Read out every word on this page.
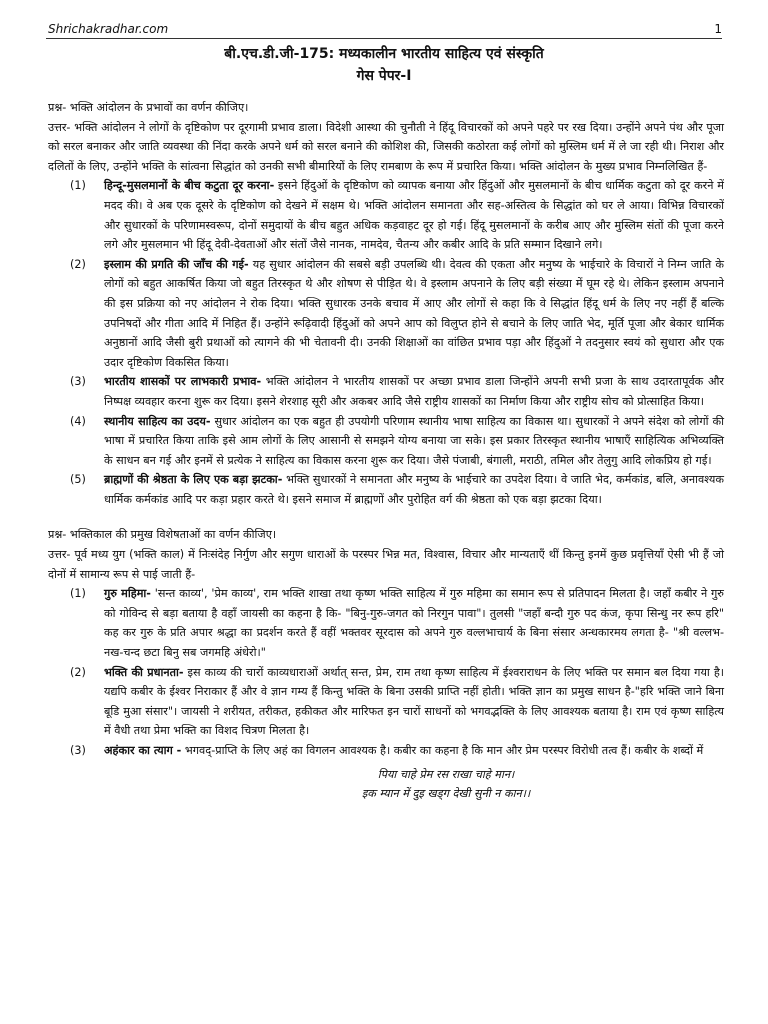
Shrichakradhar.com	1
बी.एच.डी.जी-175: मध्यकालीन भारतीय साहित्य एवं संस्कृति
गेस पेपर-I

प्रश्न- भक्ति आंदोलन के प्रभावों का वर्णन कीजिए।

उत्तर- भक्ति आंदोलन ने लोगों के दृष्टिकोण पर दूरगामी प्रभाव डाला। विदेशी आस्था की चुनौती ने हिंदू विचारकों को अपने पहरे पर रख दिया। उन्होंने अपने पंथ और पूजा को सरल बनाकर और जाति व्यवस्था की निंदा करके अपने धर्म को सरल बनाने की कोशिश की, जिसकी कठोरता कई लोगों को मुस्लिम धर्म में ले जा रही थी। निराश और दलितों के लिए, उन्होंने भक्ति के सांत्वना सिद्धांत को उनकी सभी बीमारियों के लिए रामबाण के रूप में प्रचारित किया। भक्ति आंदोलन के मुख्य प्रभाव निम्नलिखित हैं-

(1) हिन्दू-मुसलमानों के बीच कटुता दूर करना- इसने हिंदुओं के दृष्टिकोण को व्यापक बनाया और हिंदुओं और मुसलमानों के बीच धार्मिक कटुता को दूर करने में मदद की। वे अब एक दूसरे के दृष्टिकोण को देखने में सक्षम थे। भक्ति आंदोलन समानता और सह-अस्तित्व के सिद्धांत को घर ले आया। विभिन्न विचारकों और सुधारकों के परिणामस्वरूप, दोनों समुदायों के बीच बहुत अधिक कड़वाहट दूर हो गई। हिंदू मुसलमानों के करीब आए और मुस्लिम संतों की पूजा करने लगे और मुसलमान भी हिंदू देवी-देवताओं और संतों जैसे नानक, नामदेव, चैतन्य और कबीर आदि के प्रति सम्मान दिखाने लगे।
(2) इस्लाम की प्रगति की जाँच की गई- यह सुधार आंदोलन की सबसे बड़ी उपलब्धि थी। देवत्व की एकता और मनुष्य के भाईचारे के विचारों ने निम्न जाति के लोगों को बहुत आकर्षित किया जो बहुत तिरस्कृत थे और शोषण से पीड़ित थे। वे इस्लाम अपनाने के लिए बड़ी संख्या में घूम रहे थे। लेकिन इस्लाम अपनाने की इस प्रक्रिया को नए आंदोलन ने रोक दिया। भक्ति सुधारक उनके बचाव में आए और लोगों से कहा कि वे सिद्धांत हिंदू धर्म के लिए नए नहीं हैं बल्कि उपनिषदों और गीता आदि में निहित हैं। उन्होंने रूढ़िवादी हिंदुओं को अपने आप को विलुप्त होने से बचाने के लिए जाति भेद, मूर्ति पूजा और बेकार धार्मिक अनुष्ठानों आदि जैसी बुरी प्रथाओं को त्यागने की भी चेतावनी दी। उनकी शिक्षाओं का वांछित प्रभाव पड़ा और हिंदुओं ने तदनुसार स्वयं को सुधारा और एक उदार दृष्टिकोण विकसित किया।
(3) भारतीय शासकों पर लाभकारी प्रभाव- भक्ति आंदोलन ने भारतीय शासकों पर अच्छा प्रभाव डाला जिन्होंने अपनी सभी प्रजा के साथ उदारतापूर्वक और निष्पक्ष व्यवहार करना शुरू कर दिया। इसने शेरशाह सूरी और अकबर आदि जैसे राष्ट्रीय शासकों का निर्माण किया और राष्ट्रीय सोच को प्रोत्साहित किया।
(4) स्थानीय साहित्य का उदय- सुधार आंदोलन का एक बहुत ही उपयोगी परिणाम स्थानीय भाषा साहित्य का विकास था। सुधारकों ने अपने संदेश को लोगों की भाषा में प्रचारित किया ताकि इसे आम लोगों के लिए आसानी से समझने योग्य बनाया जा सके। इस प्रकार तिरस्कृत स्थानीय भाषाएँ साहित्यिक अभिव्यक्ति के साधन बन गई और इनमें से प्रत्येक ने साहित्य का विकास करना शुरू कर दिया। जैसे पंजाबी, बंगाली, मराठी, तमिल और तेलुगु आदि लोकप्रिय हो गई।
(5) ब्राह्मणों की श्रेष्ठता के लिए एक बड़ा झटका- भक्ति सुधारकों ने समानता और मनुष्य के भाईचारे का उपदेश दिया। वे जाति भेद, कर्मकांड, बलि, अनावश्यक धार्मिक कर्मकांड आदि पर कड़ा प्रहार करते थे। इसने समाज में ब्राह्मणों और पुरोहित वर्ग की श्रेष्ठता को एक बड़ा झटका दिया।

प्रश्न- भक्तिकाल की प्रमुख विशेषताओं का वर्णन कीजिए।

उत्तर- पूर्व मध्य युग (भक्ति काल) में निःसंदेह निर्गुण और सगुण धाराओं के परस्पर भिन्न मत, विश्वास, विचार और मान्यताएँ थीं किन्तु इनमें कुछ प्रवृत्तियाँ ऐसी भी हैं जो दोनों में सामान्य रूप से पाई जाती हैं-

(1) गुरु महिमा- 'सन्त काव्य', 'प्रेम काव्य', राम भक्ति शाखा तथा कृष्ण भक्ति साहित्य में गुरु महिमा का समान रूप से प्रतिपादन मिलता है। जहाँ कबीर ने गुरु को गोविन्द से बड़ा बताया है वहाँ जायसी का कहना है कि- "बिनु-गुरु-जगत को निरगुन पावा"। तुलसी "जहाँ बन्दौ गुरु पद कंज, कृपा सिन्धु नर रूप हरि" कह कर गुरु के प्रति अपार श्रद्धा का प्रदर्शन करते हैं वहीं भक्तवर सूरदास को अपने गुरु वल्लभाचार्य के बिना संसार अन्धकारमय लगता है- "श्री वल्लभ-नख-चन्द छटा बिनु सब जगमहि अंधेरो।"
(2) भक्ति की प्रधानता- इस काव्य की चारों काव्यधाराओं अर्थात् सन्त, प्रेम, राम तथा कृष्ण साहित्य में ईश्वराराधन के लिए भक्ति पर समान बल दिया गया है। यद्यपि कबीर के ईश्वर निराकार हैं और वे ज्ञान गम्य हैं किन्तु भक्ति के बिना उसकी प्राप्ति नहीं होती। भक्ति ज्ञान का प्रमुख साधन है-"हरि भक्ति जाने बिना बूडि मुआ संसार"। जायसी ने शरीयत, तरीकत, हकीकत और मारिफत इन चारों साधनों को भगवद्भक्ति के लिए आवश्यक बताया है। राम एवं कृष्ण साहित्य में वैधी तथा प्रेमा भक्ति का विशद चित्रण मिलता है।
(3) अहंकार का त्याग - भगवद्-प्राप्ति के लिए अहं का विगलन आवश्यक है। कबीर का कहना है कि मान और प्रेम परस्पर विरोधी तत्व हैं। कबीर के शब्दों में

पिया चाहे प्रेम रस राखा चाहे मान।

इक म्यान में दुइ खड्ग देखी सुनी न कान।।
